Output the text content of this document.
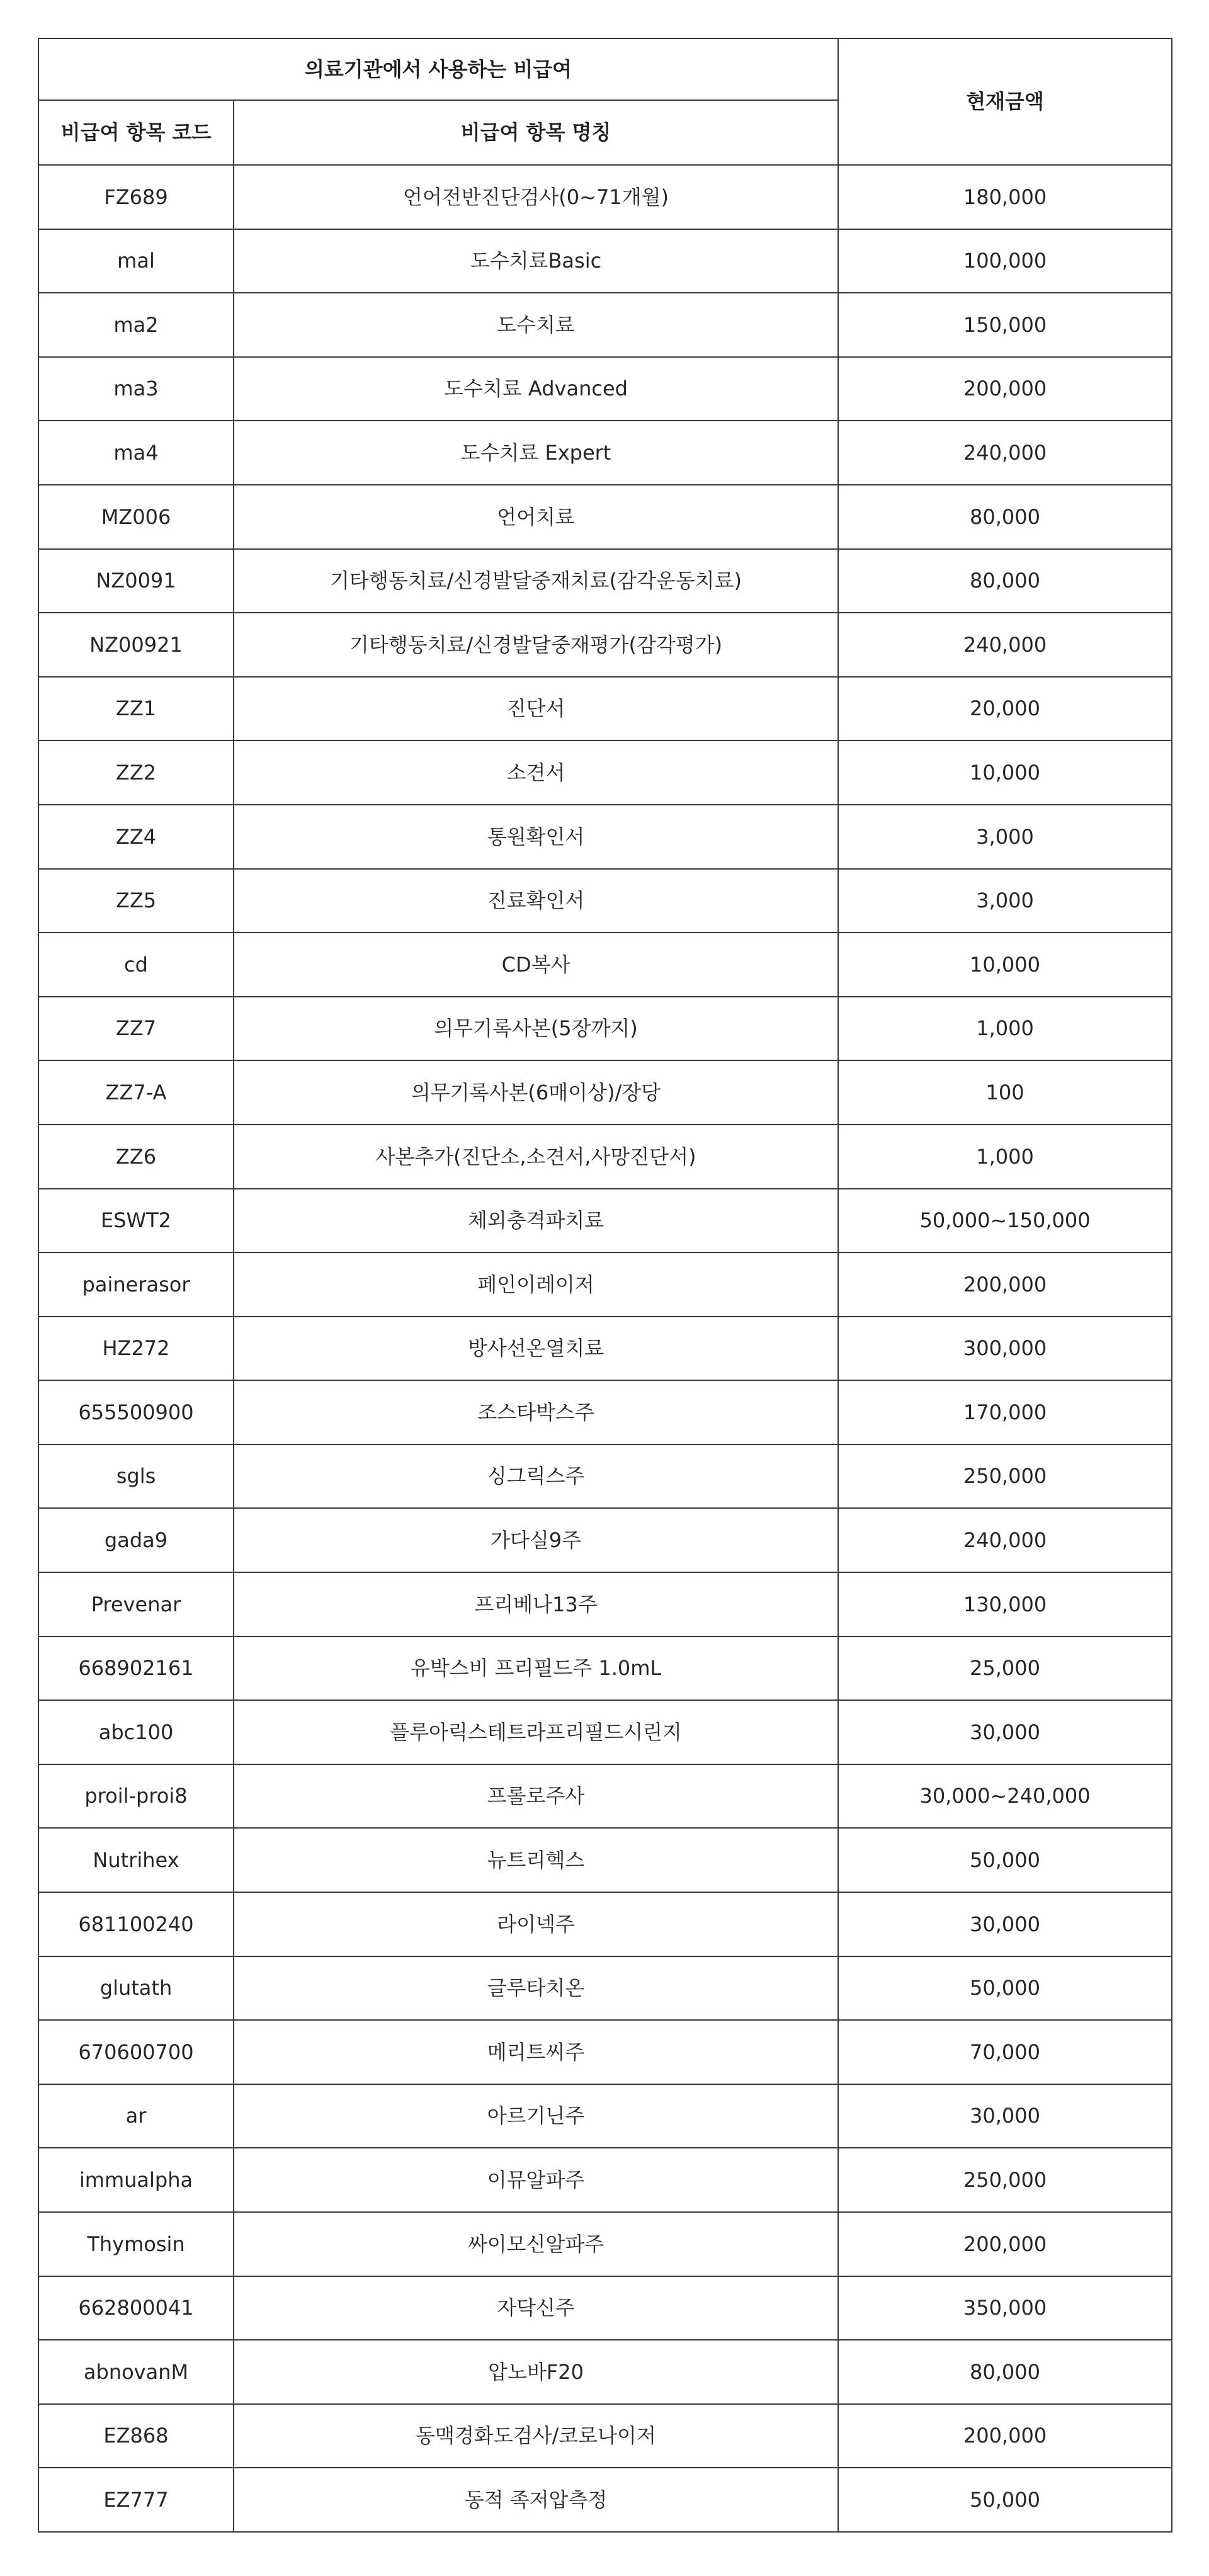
의료기관에서 사용하는 비급여		현재금액
비급여 항목 코드	비급여 항목 명칭	
FZ689	언어전반진단검사(0~71개월)	180,000
mal	도수치료Basic	100,000
ma2	도수치료	150,000
ma3	도수치료 Advanced	200,000
ma4	도수치료 Expert	240,000
MZ006	언어치료	80,000
NZ0091	기타행동치료/신경발달중재치료(감각운동치료)	80,000
NZ00921	기타행동치료/신경발달중재평가(감각평가)	240,000
ZZ1	진단서	20,000
ZZ2	소견서	10,000
ZZ4	통원확인서	3,000
ZZ5	진료확인서	3,000
cd	CD복사	10,000
ZZ7	의무기록사본(5장까지)	1,000
ZZ7-A	의무기록사본(6매이상)/장당	100
ZZ6	사본추가(진단소,소견서,사망진단서)	1,000
ESWT2	체외충격파치료	50,000~150,000
painerasor	페인이레이저	200,000
HZ272	방사선온열치료	300,000
655500900	조스타박스주	170,000
sgls	싱그릭스주	250,000
gada9	가다실9주	240,000
Prevenar	프리베나13주	130,000
668902161	유박스비 프리필드주 1.0mL	25,000
abc100	플루아릭스테트라프리필드시린지	30,000
proil-proi8	프롤로주사	30,000~240,000
Nutrihex	뉴트리헥스	50,000
681100240	라이넥주	30,000
glutath	글루타치온	50,000
670600700	메리트씨주	70,000
ar	아르기닌주	30,000
immualpha	이뮤알파주	250,000
Thymosin	싸이모신알파주	200,000
662800041	자닥신주	350,000
abnovanM	압노바F20	80,000
EZ868	동맥경화도검사/코로나이저	200,000
EZ777	동적 족저압측정	50,000
